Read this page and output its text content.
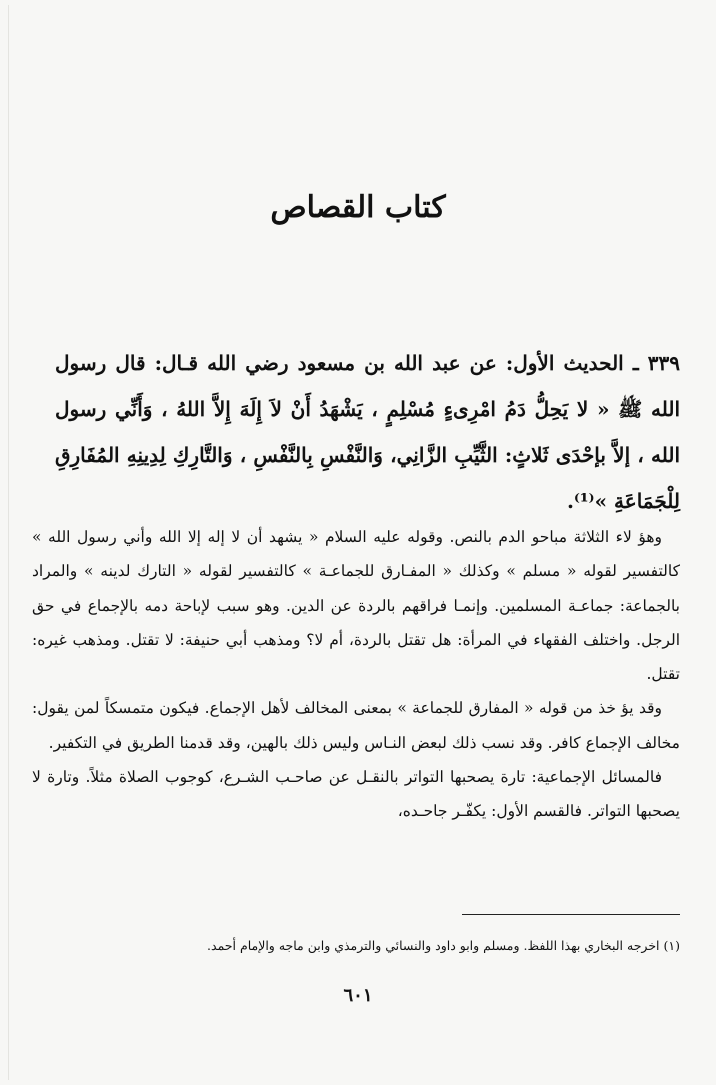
كتاب القصاص

٣٣٩ ـ الحديث الأول: عن عبد الله بن مسعود رضي الله قـال: قال رسول الله ﷺ « لا يَحِلُّ دَمُ امْرِىءٍ مُسْلِمٍ ، يَشْهَدُ أَنْ لاَ إِلَهَ إِلاَّ اللهُ ، وَأَنِّي رسول الله ، إلاَّ بإحْدَى ثَلاثٍ: الثَّيِّبِ الزَّانِي، وَالنَّفْسِ بِالنَّفْسِ ، وَالتَّارِكِ لِدِينِهِ المُفَارِقِ لِلْجَمَاعَةِ »⁽¹⁾.

وهؤ لاء الثلاثة مباحو الدم بالنص. وقوله عليه السلام « يشهد أن لا إله إلا الله وأني رسول الله » كالتفسير لقوله « مسلم » وكذلك « المفـارق للجماعـة » كالتفسير لقوله « التارك لدينه » والمراد بالجماعة: جماعـة المسلمين. وإنمـا فراقهم بالردة عن الدين. وهو سبب لإباحة دمه بالإجماع في حق الرجل. واختلف الفقهاء في المرأة: هل تقتل بالردة، أم لا؟ ومذهب أبي حنيفة: لا تقتل. ومذهب غيره: تقتل.

وقد يؤ خذ من قوله « المفارق للجماعة » بمعنى المخالف لأهل الإجماع. فيكون متمسكاً لمن يقول: مخالف الإجماع كافر. وقد نسب ذلك لبعض النـاس وليس ذلك بالهين، وقد قدمنا الطريق في التكفير.

فالمسائل الإجماعية: تارة يصحبها التواتر بالنقـل عن صاحـب الشـرع، كوجوب الصلاة مثلاً. وتارة لا يصحبها التواتر. فالقسم الأول: يكفّـر جاحـده،

(١) اخرجه البخاري بهذا اللفظ. ومسلم وابو داود والنسائي والترمذي وابن ماجه والإمام أحمد.
٦٠١
